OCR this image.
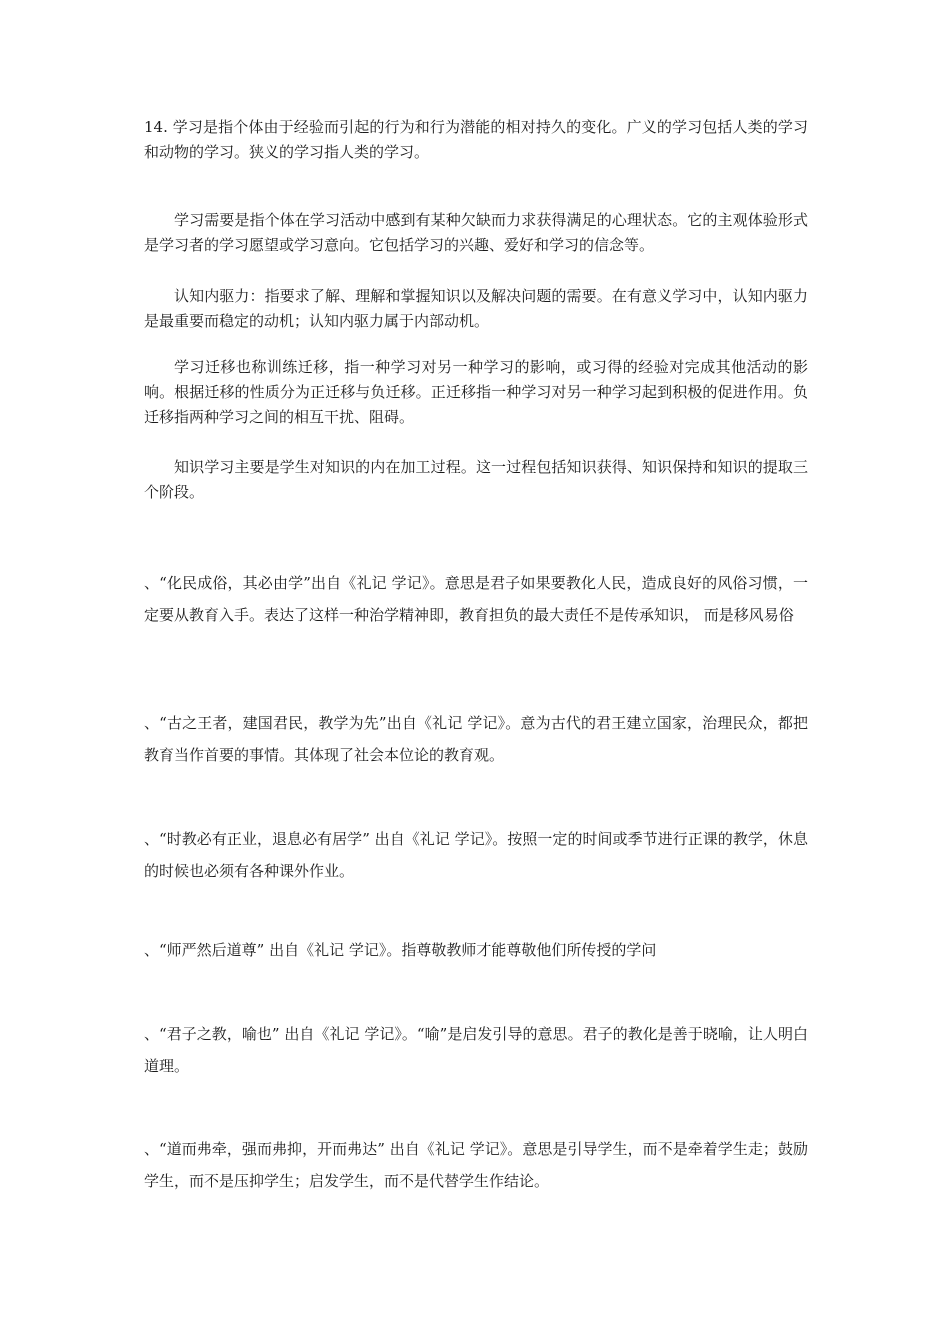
14. 学习是指个体由于经验而引起的行为和行为潜能的相对持久的变化。广义的学习包括人类的学习和动物的学习。狭义的学习指人类的学习。

学习需要是指个体在学习活动中感到有某种欠缺而力求获得满足的心理状态。它的主观体验形式是学习者的学习愿望或学习意向。它包括学习的兴趣、爱好和学习的信念等。

认知内驱力：指要求了解、理解和掌握知识以及解决问题的需要。在有意义学习中，认知内驱力是最重要而稳定的动机；认知内驱力属于内部动机。

学习迁移也称训练迁移，指一种学习对另一种学习的影响，或习得的经验对完成其他活动的影响。根据迁移的性质分为正迁移与负迁移。正迁移指一种学习对另一种学习起到积极的促进作用。负迁移指两种学习之间的相互干扰、阻碍。

知识学习主要是学生对知识的内在加工过程。这一过程包括知识获得、知识保持和知识的提取三个阶段。

、“化民成俗，其必由学”出自《礼记 学记》。意思是君子如果要教化人民，造成良好的风俗习惯，一定要从教育入手。表达了这样一种治学精神即，教育担负的最大责任不是传承知识， 而是移风易俗

、“古之王者，建国君民，教学为先”出自《礼记 学记》。意为古代的君王建立国家，治理民众，都把教育当作首要的事情。其体现了社会本位论的教育观。

、“时教必有正业，退息必有居学” 出自《礼记 学记》。按照一定的时间或季节进行正课的教学，休息的时候也必须有各种课外作业。

、“师严然后道尊” 出自《礼记 学记》。指尊敬教师才能尊敬他们所传授的学问

、“君子之教，喻也” 出自《礼记 学记》。“喻”是启发引导的意思。君子的教化是善于晓喻，让人明白道理。

、“道而弗牵，强而弗抑，开而弗达” 出自《礼记 学记》。意思是引导学生，而不是牵着学生走；鼓励学生，而不是压抑学生；启发学生，而不是代替学生作结论。
